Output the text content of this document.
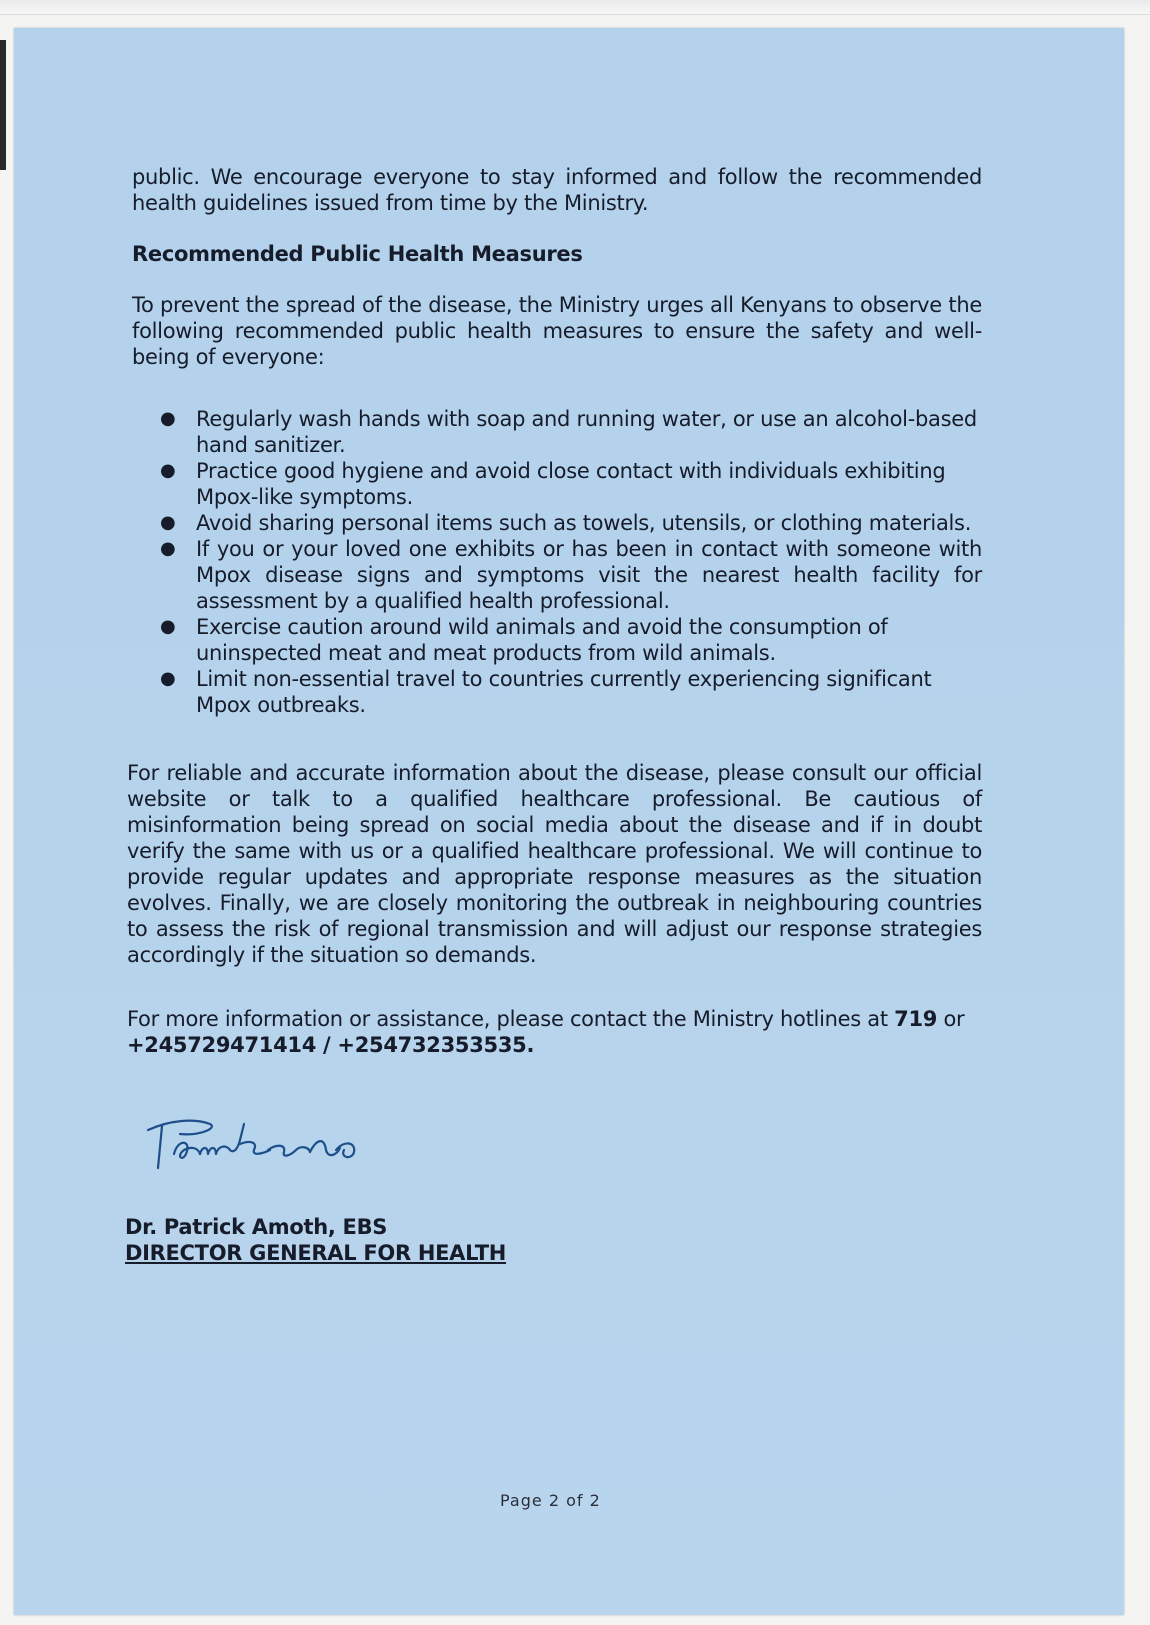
public. We encourage everyone to stay informed and follow the recommended health guidelines issued from time by the Ministry.

Recommended Public Health Measures

To prevent the spread of the disease, the Ministry urges all Kenyans to observe the following recommended public health measures to ensure the safety and well-being of everyone:

● Regularly wash hands with soap and running water, or use an alcohol-based hand sanitizer.
● Practice good hygiene and avoid close contact with individuals exhibiting Mpox-like symptoms.
● Avoid sharing personal items such as towels, utensils, or clothing materials.
● If you or your loved one exhibits or has been in contact with someone with Mpox disease signs and symptoms visit the nearest health facility for assessment by a qualified health professional.
● Exercise caution around wild animals and avoid the consumption of uninspected meat and meat products from wild animals.
● Limit non-essential travel to countries currently experiencing significant Mpox outbreaks.

For reliable and accurate information about the disease, please consult our official website or talk to a qualified healthcare professional. Be cautious of misinformation being spread on social media about the disease and if in doubt verify the same with us or a qualified healthcare professional. We will continue to provide regular updates and appropriate response measures as the situation evolves. Finally, we are closely monitoring the outbreak in neighbouring countries to assess the risk of regional transmission and will adjust our response strategies accordingly if the situation so demands.

For more information or assistance, please contact the Ministry hotlines at 719 or
+245729471414 / +254732353535.

Dr. Patrick Amoth, EBS

DIRECTOR GENERAL FOR HEALTH

Page 2 of 2
